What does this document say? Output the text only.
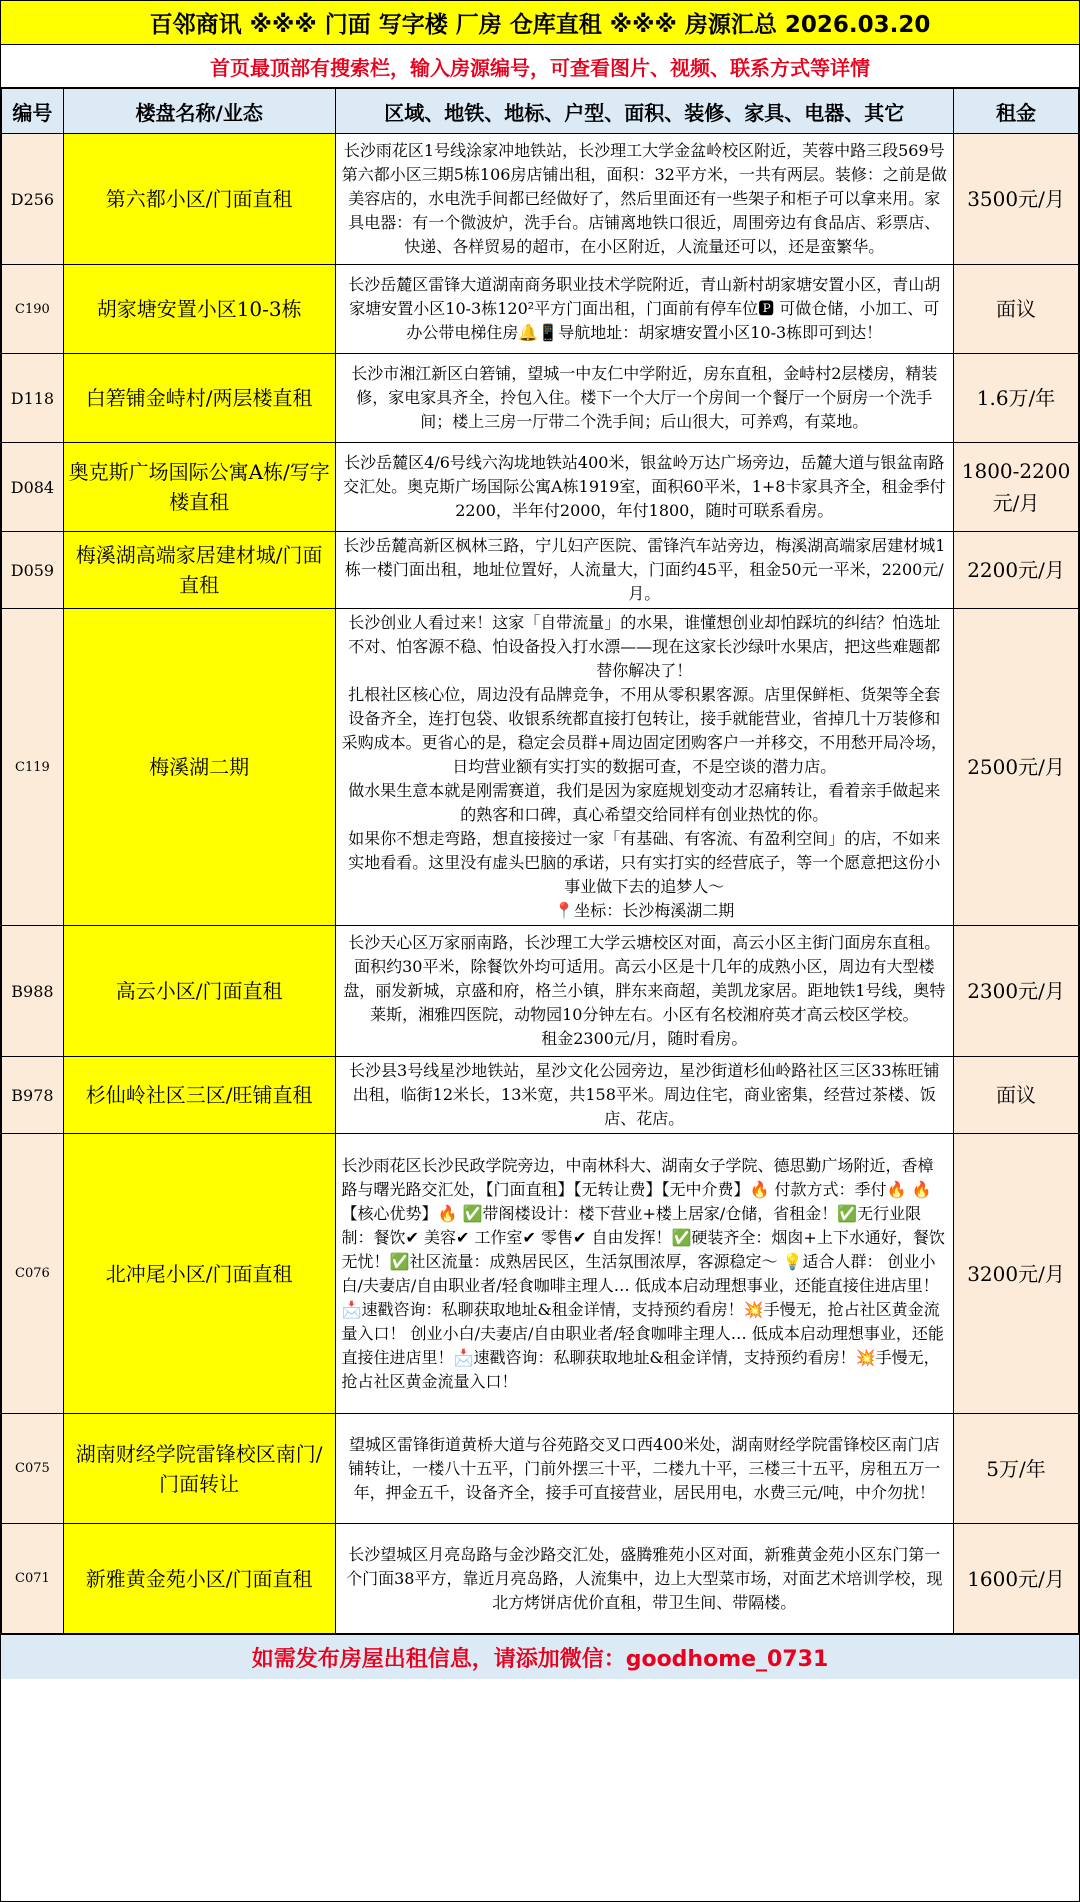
百邻商讯 ※※※ 门面 写字楼 厂房 仓库直租 ※※※ 房源汇总 2026.03.20
首页最顶部有搜索栏，输入房源编号，可查看图片、视频、联系方式等详情
编号	楼盘名称/业态	区域、地铁、地标、户型、面积、装修、家具、电器、其它	租金
D256	第六都小区/门面直租	长沙雨花区1号线涂家冲地铁站，长沙理工大学金盆岭校区附近，芙蓉中路三段569号第六都小区三期5栋106房店铺出租，面积：32平方米，一共有两层。装修：之前是做美容店的，水电洗手间都已经做好了，然后里面还有一些架子和柜子可以拿来用。家具电器：有一个微波炉，洗手台。店铺离地铁口很近，周围旁边有食品店、彩票店、快递、各样贸易的超市，在小区附近，人流量还可以，还是蛮繁华。	3500元/月
C190	胡家塘安置小区10-3栋	长沙岳麓区雷锋大道湖南商务职业技术学院附近，青山新村胡家塘安置小区，青山胡家塘安置小区10-3栋120²平方门面出租，门面前有停车位🅿 可做仓储，小加工、可办公带电梯住房🔔📱导航地址：胡家塘安置小区10-3栋即可到达！	面议
D118	白箬铺金峙村/两层楼直租	长沙市湘江新区白箬铺，望城一中友仁中学附近，房东直租，金峙村2层楼房，精装修，家电家具齐全，拎包入住。楼下一个大厅一个房间一个餐厅一个厨房一个洗手间；楼上三房一厅带二个洗手间；后山很大，可养鸡，有菜地。	1.6万/年
D084	奥克斯广场国际公寓A栋/写字楼直租	长沙岳麓区4/6号线六沟垅地铁站400米，银盆岭万达广场旁边，岳麓大道与银盆南路交汇处。奥克斯广场国际公寓A栋1919室，面积60平米，1+8卡家具齐全，租金季付2200，半年付2000，年付1800，随时可联系看房。	1800-2200元/月
D059	梅溪湖高端家居建材城/门面直租	长沙岳麓高新区枫林三路，宁儿妇产医院、雷锋汽车站旁边，梅溪湖高端家居建材城1栋一楼门面出租，地址位置好，人流量大，门面约45平，租金50元一平米，2200元/月。	2200元/月
C119	梅溪湖二期	长沙创业人看过来！这家「自带流量」的水果，谁懂想创业却怕踩坑的纠结？怕选址不对、怕客源不稳、怕设备投入打水漂——现在这家长沙绿叶水果店，把这些难题都替你解决了！
扎根社区核心位，周边没有品牌竞争，不用从零积累客源。店里保鲜柜、货架等全套设备齐全，连打包袋、收银系统都直接打包转让，接手就能营业，省掉几十万装修和采购成本。更省心的是，稳定会员群+周边固定团购客户一并移交，不用愁开局冷场，日均营业额有实打实的数据可查，不是空谈的潜力店。
做水果生意本就是刚需赛道，我们是因为家庭规划变动才忍痛转让，看着亲手做起来的熟客和口碑，真心希望交给同样有创业热忱的你。
如果你不想走弯路，想直接接过一家「有基础、有客流、有盈利空间」的店，不如来实地看看。这里没有虚头巴脑的承诺，只有实打实的经营底子，等一个愿意把这份小事业做下去的追梦人～
📍坐标：长沙梅溪湖二期	2500元/月
B988	高云小区/门面直租	长沙天心区万家丽南路，长沙理工大学云塘校区对面，高云小区主街门面房东直租。面积约30平米，除餐饮外均可适用。高云小区是十几年的成熟小区，周边有大型楼盘，丽发新城，京盛和府，格兰小镇，胖东来商超，美凯龙家居。距地铁1号线，奥特莱斯，湘雅四医院，动物园10分钟左右。小区有名校湘府英才高云校区学校。
租金2300元/月，随时看房。	2300元/月
B978	杉仙岭社区三区/旺铺直租	长沙县3号线星沙地铁站，星沙文化公园旁边，星沙街道杉仙岭路社区三区33栋旺铺出租，临街12米长，13米宽，共158平米。周边住宅，商业密集，经营过茶楼、饭店、花店。	面议
C076	北冲尾小区/门面直租	长沙雨花区长沙民政学院旁边，中南林科大、湖南女子学院、德思勤广场附近，香樟路与曙光路交汇处，【门面直租】【无转让费】【无中介费】🔥 付款方式：季付🔥 🔥【核心优势】🔥 ✅带阁楼设计：楼下营业+楼上居家/仓储，省租金！✅无行业限制：餐饮✔ 美容✔ 工作室✔ 零售✔ 自由发挥！✅硬装齐全：烟囱+上下水通好，餐饮无忧！✅社区流量：成熟居民区，生活氛围浓厚，客源稳定～ 💡适合人群： 创业小白/夫妻店/自由职业者/轻食咖啡主理人… 低成本启动理想事业，还能直接住进店里！📩速戳咨询：私聊获取地址&租金详情，支持预约看房！💥手慢无，抢占社区黄金流量入口！ 创业小白/夫妻店/自由职业者/轻食咖啡主理人… 低成本启动理想事业，还能直接住进店里！📩速戳咨询：私聊获取地址&租金详情，支持预约看房！💥手慢无，抢占社区黄金流量入口！	3200元/月
C075	湖南财经学院雷锋校区南门/门面转让	望城区雷锋街道黄桥大道与谷苑路交叉口西400米处，湖南财经学院雷锋校区南门店铺转让，一楼八十五平，门前外摆三十平，二楼九十平，三楼三十五平，房租五万一年，押金五千，设备齐全，接手可直接营业，居民用电，水费三元/吨，中介勿扰！	5万/年
C071	新雅黄金苑小区/门面直租	长沙望城区月亮岛路与金沙路交汇处，盛腾雅苑小区对面，新雅黄金苑小区东门第一个门面38平方，靠近月亮岛路，人流集中，边上大型菜市场，对面艺术培训学校，现北方烤饼店优价直租，带卫生间、带隔楼。	1600元/月
如需发布房屋出租信息，请添加微信：goodhome_0731
